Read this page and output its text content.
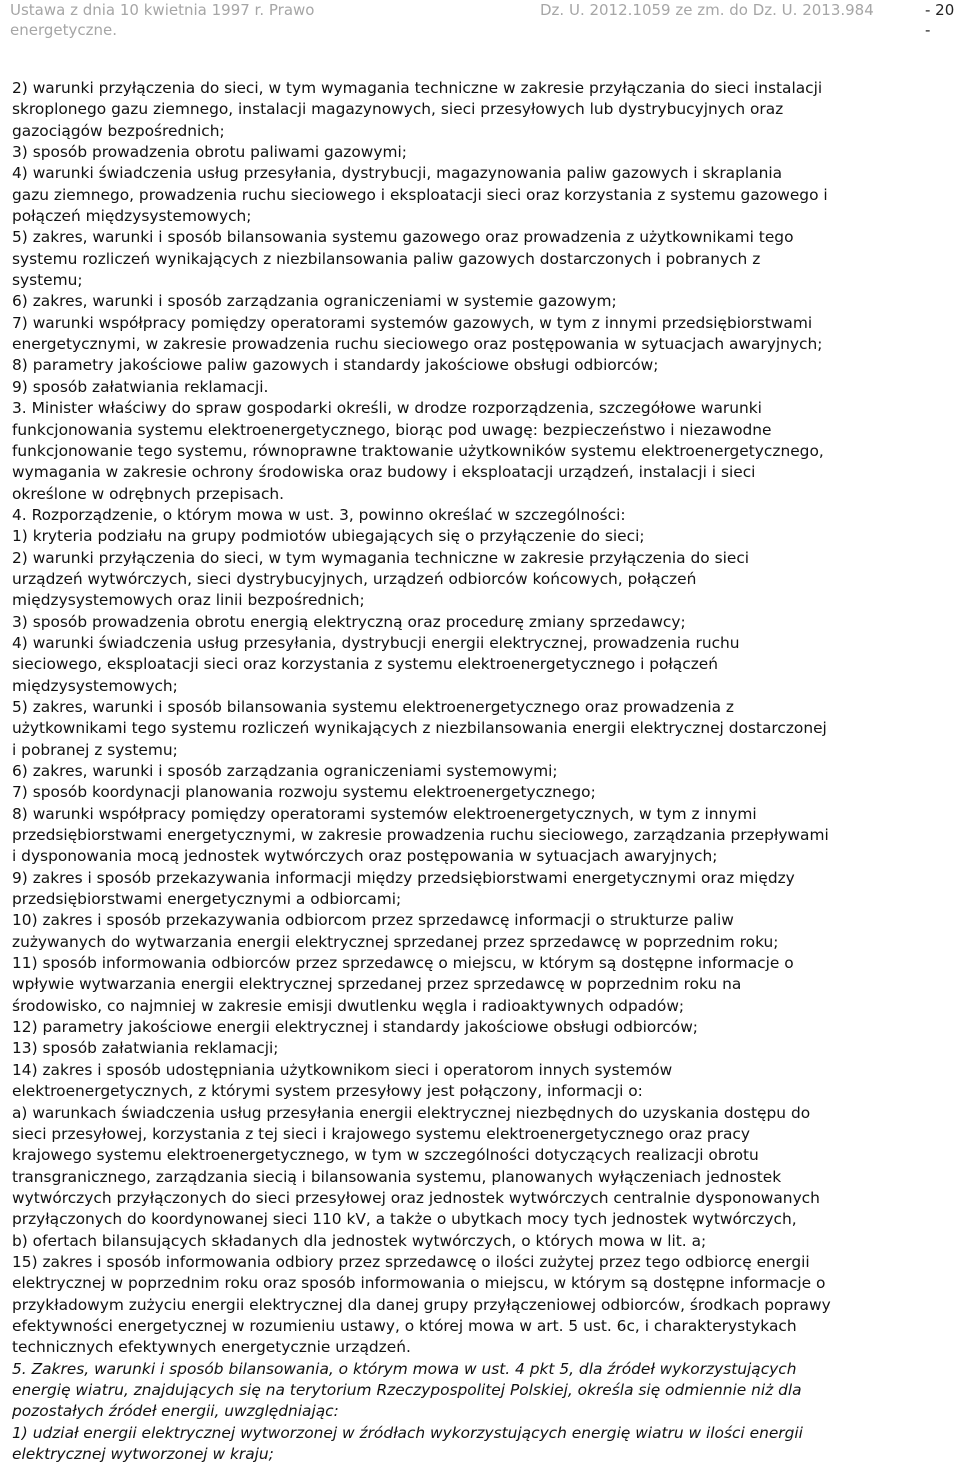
Ustawa z dnia 10 kwietnia 1997 r. Prawo
energetyczne.
Dz. U. 2012.1059 ze zm. do Dz. U. 2013.984	- 20
-

2) warunki przyłączenia do sieci, w tym wymagania techniczne w zakresie przyłączania do sieci instalacji

skroplonego gazu ziemnego, instalacji magazynowych, sieci przesyłowych lub dystrybucyjnych oraz

gazociągów bezpośrednich;

3) sposób prowadzenia obrotu paliwami gazowymi;

4) warunki świadczenia usług przesyłania, dystrybucji, magazynowania paliw gazowych i skraplania

gazu ziemnego, prowadzenia ruchu sieciowego i eksploatacji sieci oraz korzystania z systemu gazowego i

połączeń międzysystemowych;

5) zakres, warunki i sposób bilansowania systemu gazowego oraz prowadzenia z użytkownikami tego

systemu rozliczeń wynikających z niezbilansowania paliw gazowych dostarczonych i pobranych z

systemu;

6) zakres, warunki i sposób zarządzania ograniczeniami w systemie gazowym;

7) warunki współpracy pomiędzy operatorami systemów gazowych, w tym z innymi przedsiębiorstwami

energetycznymi, w zakresie prowadzenia ruchu sieciowego oraz postępowania w sytuacjach awaryjnych;

8) parametry jakościowe paliw gazowych i standardy jakościowe obsługi odbiorców;

9) sposób załatwiania reklamacji.

3. Minister właściwy do spraw gospodarki określi, w drodze rozporządzenia, szczegółowe warunki

funkcjonowania systemu elektroenergetycznego, biorąc pod uwagę: bezpieczeństwo i niezawodne

funkcjonowanie tego systemu, równoprawne traktowanie użytkowników systemu elektroenergetycznego,

wymagania w zakresie ochrony środowiska oraz budowy i eksploatacji urządzeń, instalacji i sieci

określone w odrębnych przepisach.

4. Rozporządzenie, o którym mowa w ust. 3, powinno określać w szczególności:

1) kryteria podziału na grupy podmiotów ubiegających się o przyłączenie do sieci;

2) warunki przyłączenia do sieci, w tym wymagania techniczne w zakresie przyłączenia do sieci

urządzeń wytwórczych, sieci dystrybucyjnych, urządzeń odbiorców końcowych, połączeń

międzysystemowych oraz linii bezpośrednich;

3) sposób prowadzenia obrotu energią elektryczną oraz procedurę zmiany sprzedawcy;

4) warunki świadczenia usług przesyłania, dystrybucji energii elektrycznej, prowadzenia ruchu

sieciowego, eksploatacji sieci oraz korzystania z systemu elektroenergetycznego i połączeń

międzysystemowych;

5) zakres, warunki i sposób bilansowania systemu elektroenergetycznego oraz prowadzenia z

użytkownikami tego systemu rozliczeń wynikających z niezbilansowania energii elektrycznej dostarczonej

i pobranej z systemu;

6) zakres, warunki i sposób zarządzania ograniczeniami systemowymi;

7) sposób koordynacji planowania rozwoju systemu elektroenergetycznego;

8) warunki współpracy pomiędzy operatorami systemów elektroenergetycznych, w tym z innymi

przedsiębiorstwami energetycznymi, w zakresie prowadzenia ruchu sieciowego, zarządzania przepływami

i dysponowania mocą jednostek wytwórczych oraz postępowania w sytuacjach awaryjnych;

9) zakres i sposób przekazywania informacji między przedsiębiorstwami energetycznymi oraz między

przedsiębiorstwami energetycznymi a odbiorcami;

10) zakres i sposób przekazywania odbiorcom przez sprzedawcę informacji o strukturze paliw

zużywanych do wytwarzania energii elektrycznej sprzedanej przez sprzedawcę w poprzednim roku;

11) sposób informowania odbiorców przez sprzedawcę o miejscu, w którym są dostępne informacje o

wpływie wytwarzania energii elektrycznej sprzedanej przez sprzedawcę w poprzednim roku na

środowisko, co najmniej w zakresie emisji dwutlenku węgla i radioaktywnych odpadów;

12) parametry jakościowe energii elektrycznej i standardy jakościowe obsługi odbiorców;

13) sposób załatwiania reklamacji;

14) zakres i sposób udostępniania użytkownikom sieci i operatorom innych systemów

elektroenergetycznych, z którymi system przesyłowy jest połączony, informacji o:

a) warunkach świadczenia usług przesyłania energii elektrycznej niezbędnych do uzyskania dostępu do

sieci przesyłowej, korzystania z tej sieci i krajowego systemu elektroenergetycznego oraz pracy

krajowego systemu elektroenergetycznego, w tym w szczególności dotyczących realizacji obrotu

transgranicznego, zarządzania siecią i bilansowania systemu, planowanych wyłączeniach jednostek

wytwórczych przyłączonych do sieci przesyłowej oraz jednostek wytwórczych centralnie dysponowanych

przyłączonych do koordynowanej sieci 110 kV, a także o ubytkach mocy tych jednostek wytwórczych,

b) ofertach bilansujących składanych dla jednostek wytwórczych, o których mowa w lit. a;

15) zakres i sposób informowania odbiory przez sprzedawcę o ilości zużytej przez tego odbiorcę energii

elektrycznej w poprzednim roku oraz sposób informowania o miejscu, w którym są dostępne informacje o

przykładowym zużyciu energii elektrycznej dla danej grupy przyłączeniowej odbiorców, środkach poprawy

efektywności energetycznej w rozumieniu ustawy, o której mowa w art. 5 ust. 6c, i charakterystykach

technicznych efektywnych energetycznie urządzeń.

5. Zakres, warunki i sposób bilansowania, o którym mowa w ust. 4 pkt 5, dla źródeł wykorzystujących

energię wiatru, znajdujących się na terytorium Rzeczypospolitej Polskiej, określa się odmiennie niż dla

pozostałych źródeł energii, uwzględniając:

1) udział energii elektrycznej wytworzonej w źródłach wykorzystujących energię wiatru w ilości energii

elektrycznej wytworzonej w kraju;
